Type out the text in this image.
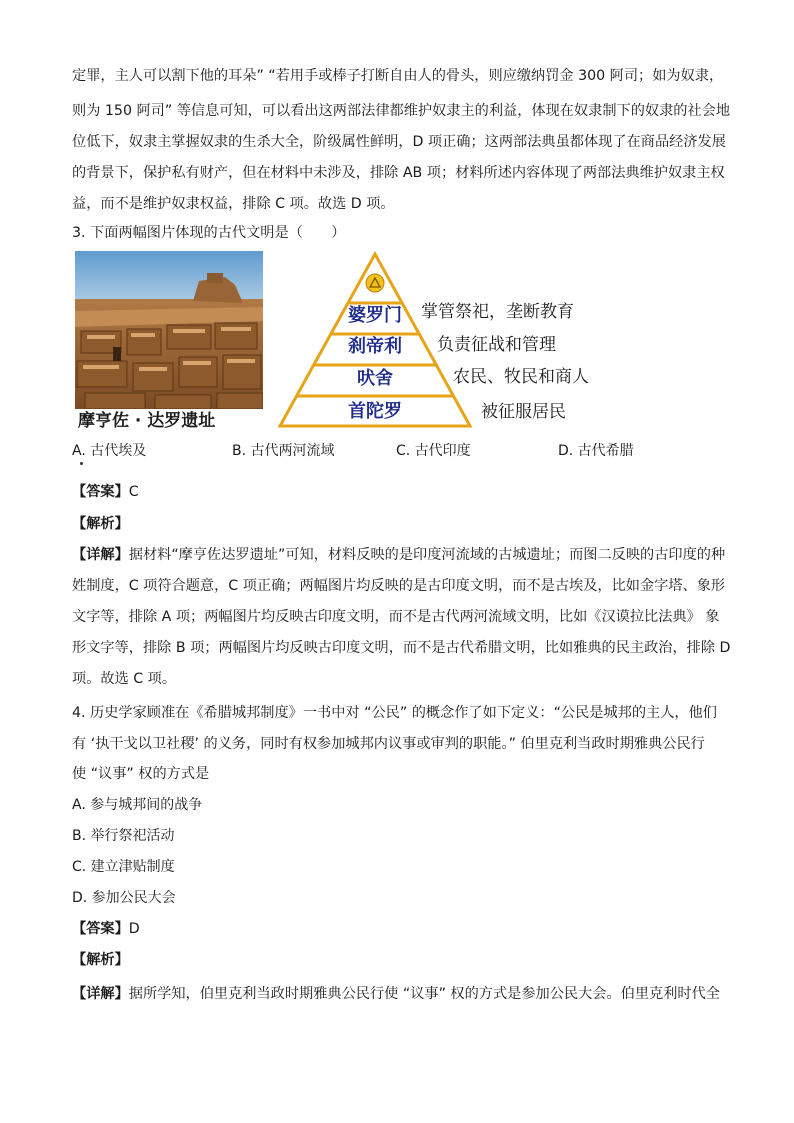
定罪，主人可以割下他的耳朵” “若用手或棒子打断自由人的骨头，则应缴纳罚金 300 阿司；如为奴隶，
则为 150 阿司” 等信息可知，可以看出这两部法律都维护奴隶主的利益，体现在奴隶制下的奴隶的社会地
位低下，奴隶主掌握奴隶的生杀大全，阶级属性鲜明，D 项正确；这两部法典虽都体现了在商品经济发展
的背景下，保护私有财产，但在材料中未涉及，排除 AB 项；材料所述内容体现了两部法典维护奴隶主权
益，而不是维护奴隶权益，排除 C 项。故选 D 项。
3. 下面两幅图片体现的古代文明是（　　）
摩亨佐 · 达罗遗址
婆罗门
刹帝利
吠舍
首陀罗
掌管祭祀，垄断教育
负责征战和管理
农民、牧民和商人
被征服居民
A. 古代埃及	B. 古代两河流域	C. 古代印度	D. 古代希腊
【答案】C
【解析】
【详解】据材料“摩亨佐达罗遗址”可知，材料反映的是印度河流域的古城遗址；而图二反映的古印度的种
姓制度，C 项符合题意，C 项正确；两幅图片均反映的是古印度文明，而不是古埃及，比如金字塔、象形
文字等，排除 A 项；两幅图片均反映古印度文明，而不是古代两河流域文明，比如《汉谟拉比法典》 象
形文字等，排除 B 项；两幅图片均反映古印度文明，而不是古代希腊文明，比如雅典的民主政治，排除 D
项。故选 C 项。
4. 历史学家顾准在《希腊城邦制度》一书中对 “公民” 的概念作了如下定义：“公民是城邦的主人，他们
有 ‘执干戈以卫社稷’ 的义务，同时有权参加城邦内议事或审判的职能。” 伯里克利当政时期雅典公民行
使 “议事” 权的方式是
A. 参与城邦间的战争
B. 举行祭祀活动
C. 建立津贴制度
D. 参加公民大会
【答案】D
【解析】
【详解】据所学知，伯里克利当政时期雅典公民行使 “议事” 权的方式是参加公民大会。伯里克利时代全
